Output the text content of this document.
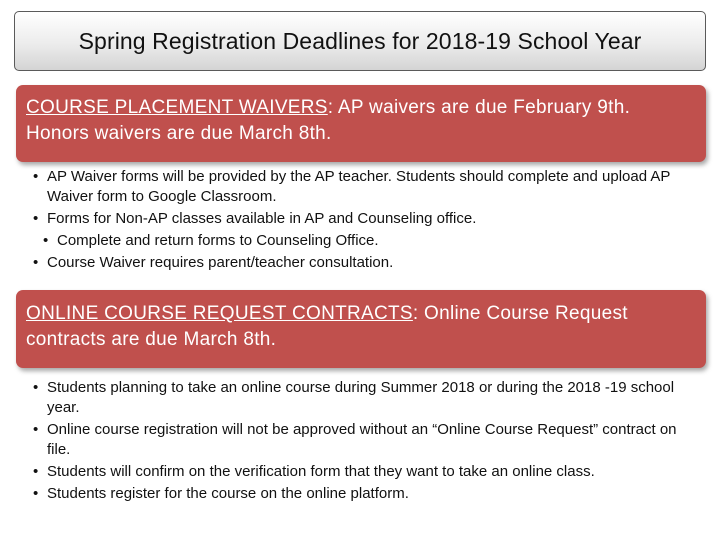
Spring Registration Deadlines for 2018-19 School Year

COURSE PLACEMENT WAIVERS: AP waivers are due February 9th. Honors waivers are due March 8th.

• AP Waiver forms will be provided by the AP teacher. Students should complete and upload AP Waiver form to Google Classroom.
• Forms for Non-AP classes available in AP and Counseling office.
• Complete and return forms to Counseling Office.
• Course Waiver requires parent/teacher consultation.

ONLINE COURSE REQUEST CONTRACTS: Online Course Request contracts are due March 8th.

• Students planning to take an online course during Summer 2018 or during the 2018 -19 school year.
• Online course registration will not be approved without an “Online Course Request” contract on file.
• Students will confirm on the verification form that they want to take an online class.
• Students register for the course on the online platform.
